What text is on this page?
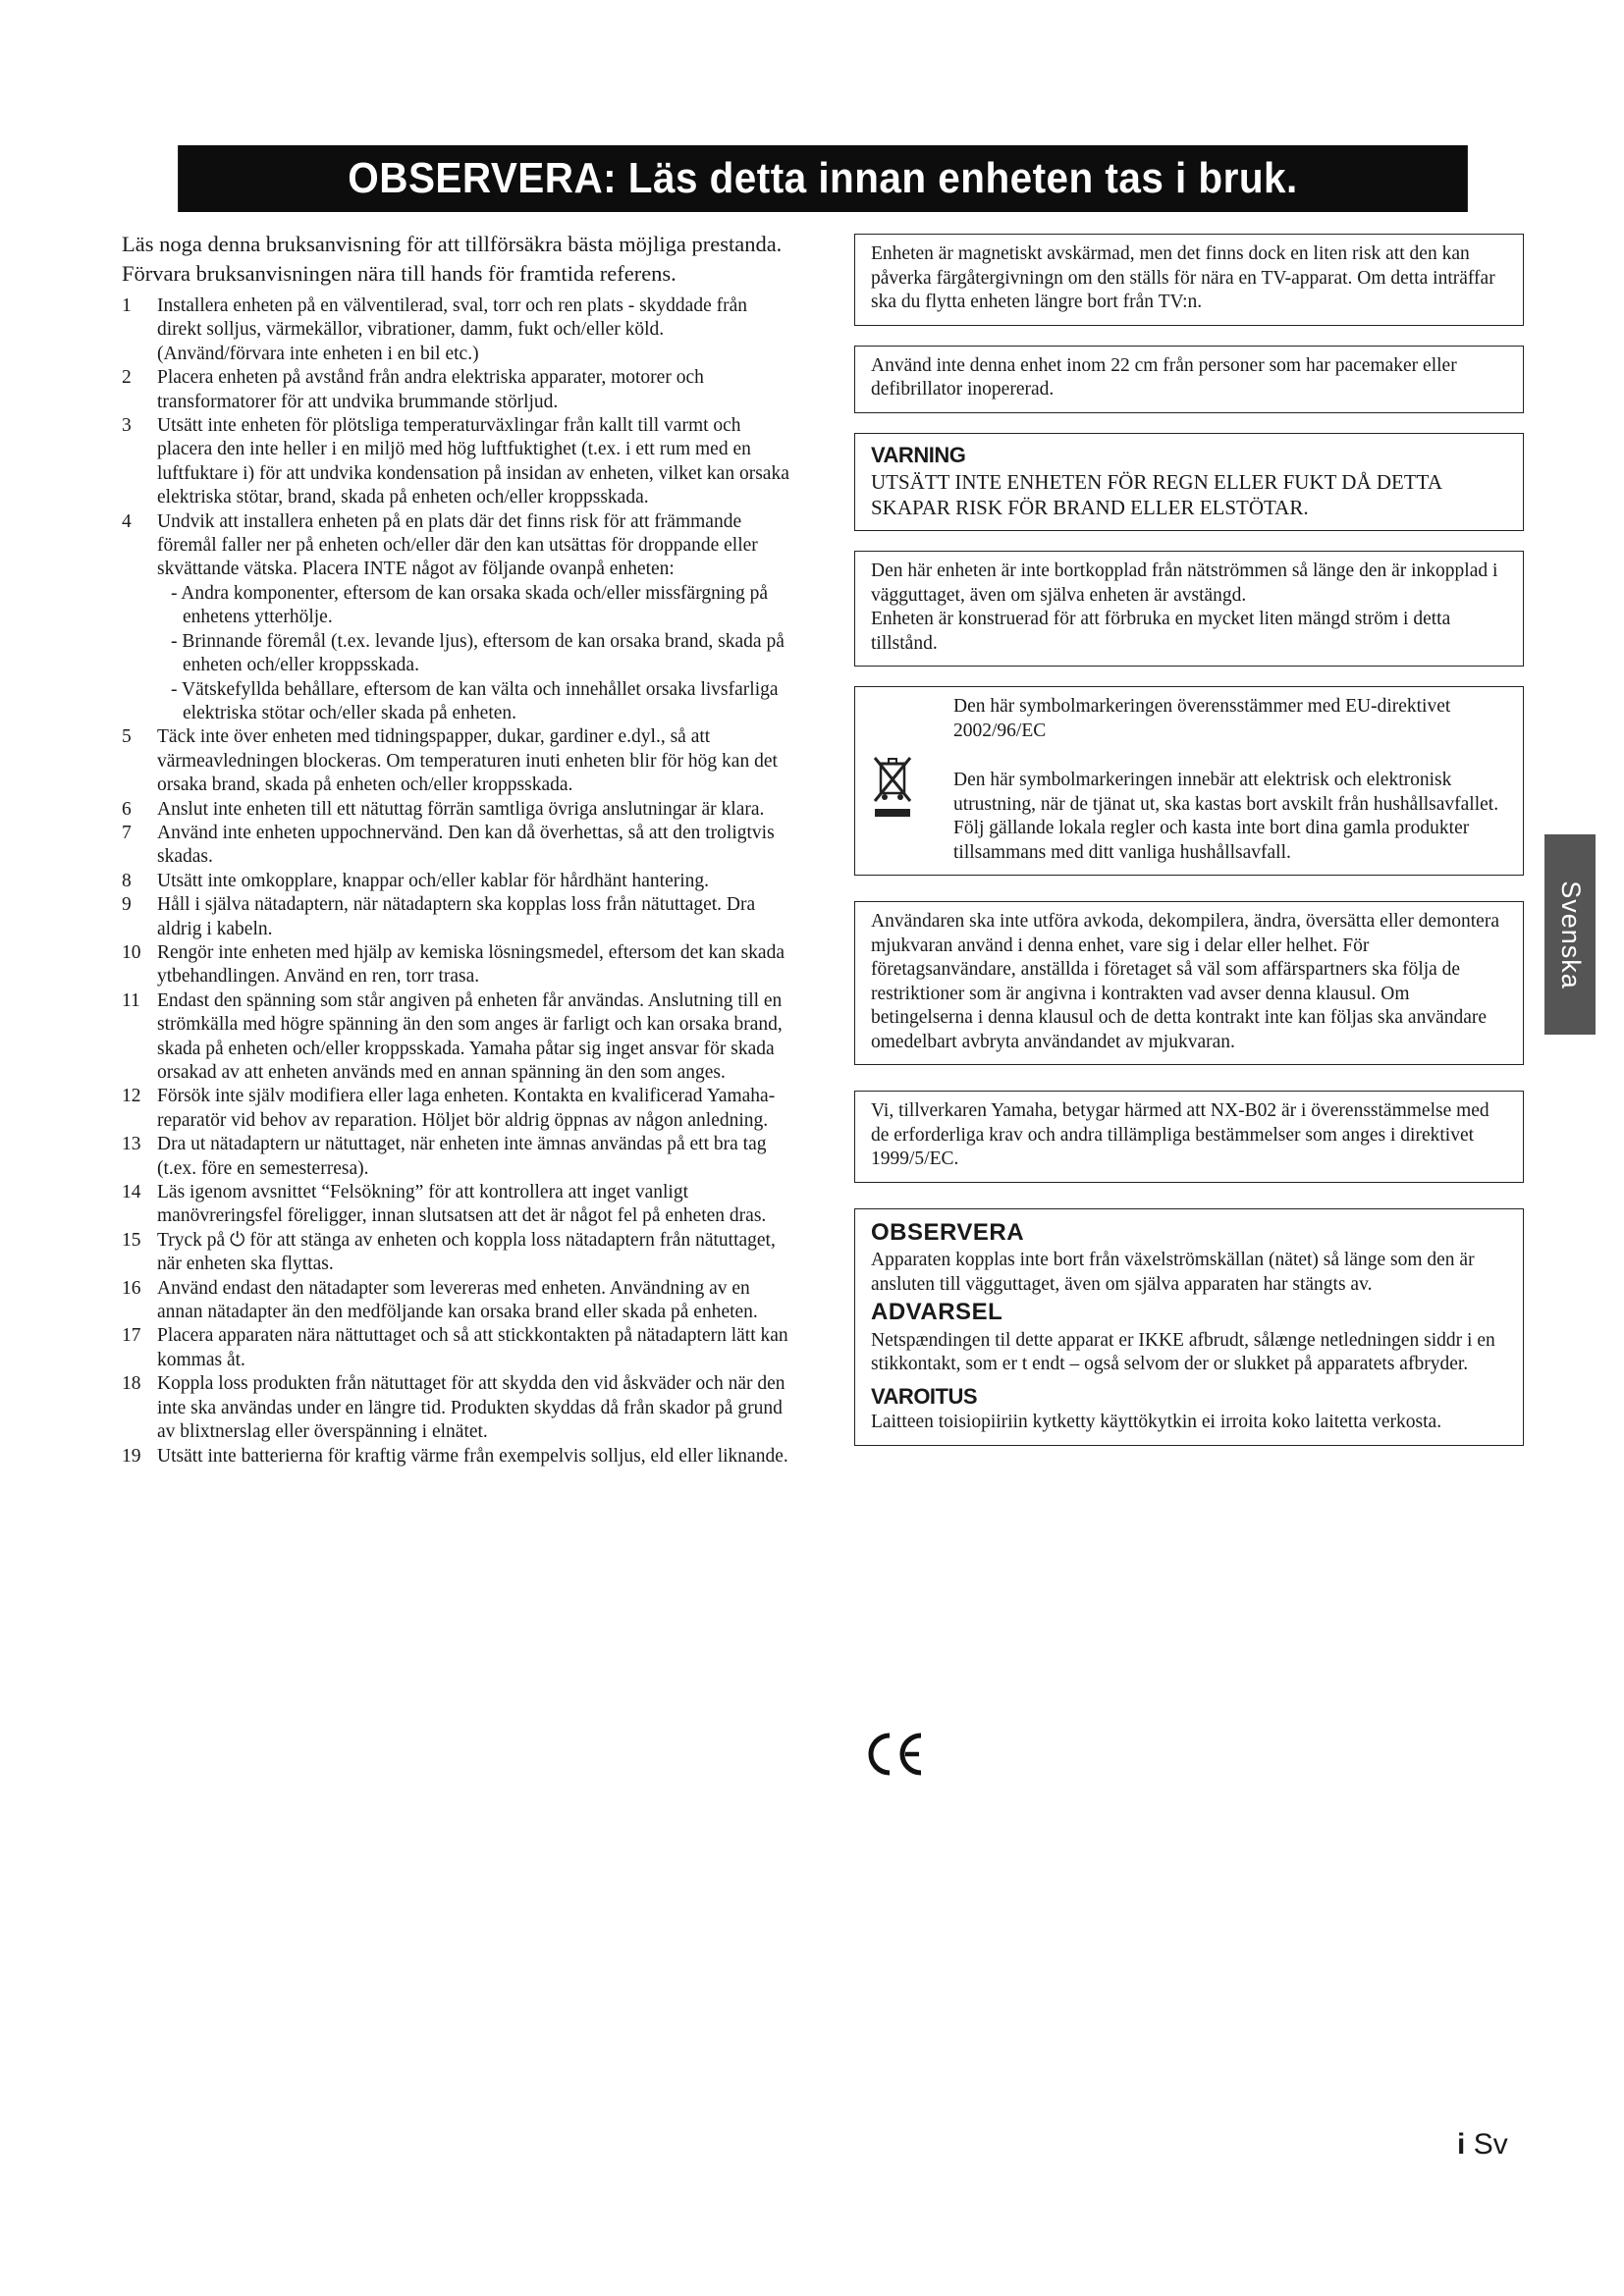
OBSERVERA: Läs detta innan enheten tas i bruk.

Läs noga denna bruksanvisning för att tillförsäkra bästa möjliga prestanda. Förvara bruksanvisningen nära till hands för framtida referens.

1 Installera enheten på en välventilerad, sval, torr och ren plats - skyddade från direkt solljus, värmekällor, vibrationer, damm, fukt och/eller köld. (Använd/förvara inte enheten i en bil etc.)
2 Placera enheten på avstånd från andra elektriska apparater, motorer och transformatorer för att undvika brummande störljud.
3 Utsätt inte enheten för plötsliga temperaturväxlingar från kallt till varmt och placera den inte heller i en miljö med hög luftfuktighet (t.ex. i ett rum med en luftfuktare i) för att undvika kondensation på insidan av enheten, vilket kan orsaka elektriska stötar, brand, skada på enheten och/eller kroppsskada.
4 Undvik att installera enheten på en plats där det finns risk för att främmande föremål faller ner på enheten och/eller där den kan utsättas för droppande eller skvättande vätska. Placera INTE något av följande ovanpå enheten:
- Andra komponenter, eftersom de kan orsaka skada och/eller missfärgning på enhetens ytterhölje.
- Brinnande föremål (t.ex. levande ljus), eftersom de kan orsaka brand, skada på enheten och/eller kroppsskada.
- Vätskefyllda behållare, eftersom de kan välta och innehållet orsaka livsfarliga elektriska stötar och/eller skada på enheten.
5 Täck inte över enheten med tidningspapper, dukar, gardiner e.dyl., så att värmeavledningen blockeras. Om temperaturen inuti enheten blir för hög kan det orsaka brand, skada på enheten och/eller kroppsskada.
6 Anslut inte enheten till ett nätuttag förrän samtliga övriga anslutningar är klara.
7 Använd inte enheten uppochnervänd. Den kan då överhettas, så att den troligtvis skadas.
8 Utsätt inte omkopplare, knappar och/eller kablar för hårdhänt hantering.
9 Håll i själva nätadaptern, när nätadaptern ska kopplas loss från nätuttaget. Dra aldrig i kabeln.
10 Rengör inte enheten med hjälp av kemiska lösningsmedel, eftersom det kan skada ytbehandlingen. Använd en ren, torr trasa.
11 Endast den spänning som står angiven på enheten får användas. Anslutning till en strömkälla med högre spänning än den som anges är farligt och kan orsaka brand, skada på enheten och/eller kroppsskada. Yamaha påtar sig inget ansvar för skada orsakad av att enheten används med en annan spänning än den som anges.
12 Försök inte själv modifiera eller laga enheten. Kontakta en kvalificerad Yamaha-reparatör vid behov av reparation. Höljet bör aldrig öppnas av någon anledning.
13 Dra ut nätadaptern ur nätuttaget, när enheten inte ämnas användas på ett bra tag (t.ex. före en semesterresa).
14 Läs igenom avsnittet “Felsökning” för att kontrollera att inget vanligt manövreringsfel föreligger, innan slutsatsen att det är något fel på enheten dras.
15 Tryck på ⏻ för att stänga av enheten och koppla loss nätadaptern från nätuttaget, när enheten ska flyttas.
16 Använd endast den nätadapter som levereras med enheten. Användning av en annan nätadapter än den medföljande kan orsaka brand eller skada på enheten.
17 Placera apparaten nära nättuttaget och så att stickkontakten på nätadaptern lätt kan kommas åt.
18 Koppla loss produkten från nätuttaget för att skydda den vid åskväder och när den inte ska användas under en längre tid. Produkten skyddas då från skador på grund av blixtnerslag eller överspänning i elnätet.
19 Utsätt inte batterierna för kraftig värme från exempelvis solljus, eld eller liknande.

Enheten är magnetiskt avskärmad, men det finns dock en liten risk att den kan påverka färgåtergivningn om den ställs för nära en TV-apparat. Om detta inträffar ska du flytta enheten längre bort från TV:n.

Använd inte denna enhet inom 22 cm från personer som har pacemaker eller defibrillator inopererad.

VARNING

UTSÄTT INTE ENHETEN FÖR REGN ELLER FUKT DÅ DETTA SKAPAR RISK FÖR BRAND ELLER ELSTÖTAR.

Den här enheten är inte bortkopplad från nätströmmen så länge den är inkopplad i vägguttaget, även om själva enheten är avstängd.

Enheten är konstruerad för att förbruka en mycket liten mängd ström i detta tillstånd.

Den här symbolmarkeringen överensstämmer med EU-direktivet 2002/96/EC

Den här symbolmarkeringen innebär att elektrisk och elektronisk utrustning, när de tjänat ut, ska kastas bort avskilt från hushållsavfallet.

Följ gällande lokala regler och kasta inte bort dina gamla produkter tillsammans med ditt vanliga hushållsavfall.

Användaren ska inte utföra avkoda, dekompilera, ändra, översätta eller demontera mjukvaran använd i denna enhet, vare sig i delar eller helhet. För företagsanvändare, anställda i företaget så väl som affärspartners ska följa de restriktioner som är angivna i kontrakten vad avser denna klausul. Om betingelserna i denna klausul och de detta kontrakt inte kan följas ska användare omedelbart avbryta användandet av mjukvaran.

Vi, tillverkaren Yamaha, betygar härmed att NX-B02 är i överensstämmelse med de erforderliga krav och andra tillämpliga bestämmelser som anges i direktivet 1999/5/EC.

OBSERVERA

Apparaten kopplas inte bort från växelströmskällan (nätet) så länge som den är ansluten till vägguttaget, även om själva apparaten har stängts av.

ADVARSEL

Netspændingen til dette apparat er IKKE afbrudt, sålænge netledningen siddr i en stikkontakt, som er t endt – også selvom der or slukket på apparatets afbryder.

VAROITUS

Laitteen toisiopiiriin kytketty käyttökytkin ei irroita koko laitetta verkosta.

Svenska
i Sv
